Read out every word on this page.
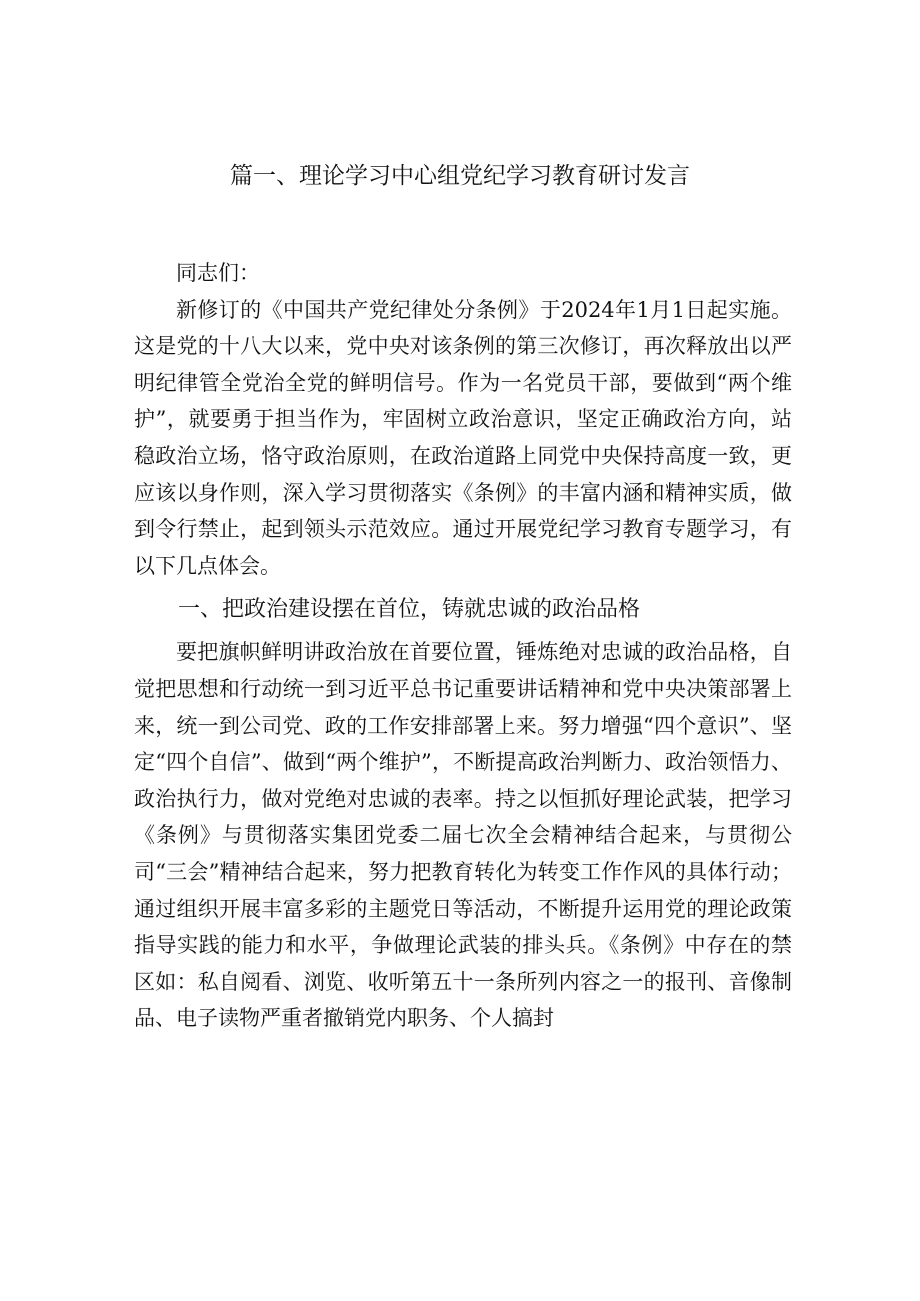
篇一、理论学习中心组党纪学习教育研讨发言

同志们：

新修订的《中国共产党纪律处分条例》于2024年1月1日起实施。这是党的十八大以来，党中央对该条例的第三次修订，再次释放出以严明纪律管全党治全党的鲜明信号。作为一名党员干部，要做到“两个维护”，就要勇于担当作为，牢固树立政治意识，坚定正确政治方向，站稳政治立场，恪守政治原则，在政治道路上同党中央保持高度一致，更应该以身作则，深入学习贯彻落实《条例》的丰富内涵和精神实质，做到令行禁止，起到领头示范效应。通过开展党纪学习教育专题学习，有以下几点体会。

一、把政治建设摆在首位，铸就忠诚的政治品格

要把旗帜鲜明讲政治放在首要位置，锤炼绝对忠诚的政治品格，自觉把思想和行动统一到习近平总书记重要讲话精神和党中央决策部署上来，统一到公司党、政的工作安排部署上来。努力增强“四个意识”、坚定“四个自信”、做到“两个维护”，不断提高政治判断力、政治领悟力、政治执行力，做对党绝对忠诚的表率。持之以恒抓好理论武装，把学习《条例》与贯彻落实集团党委二届七次全会精神结合起来，与贯彻公司“三会”精神结合起来，努力把教育转化为转变工作作风的具体行动；通过组织开展丰富多彩的主题党日等活动，不断提升运用党的理论政策指导实践的能力和水平，争做理论武装的排头兵。《条例》中存在的禁区如：私自阅看、浏览、收听第五十一条所列内容之一的报刊、音像制品、电子读物严重者撤销党内职务、个人搞封
